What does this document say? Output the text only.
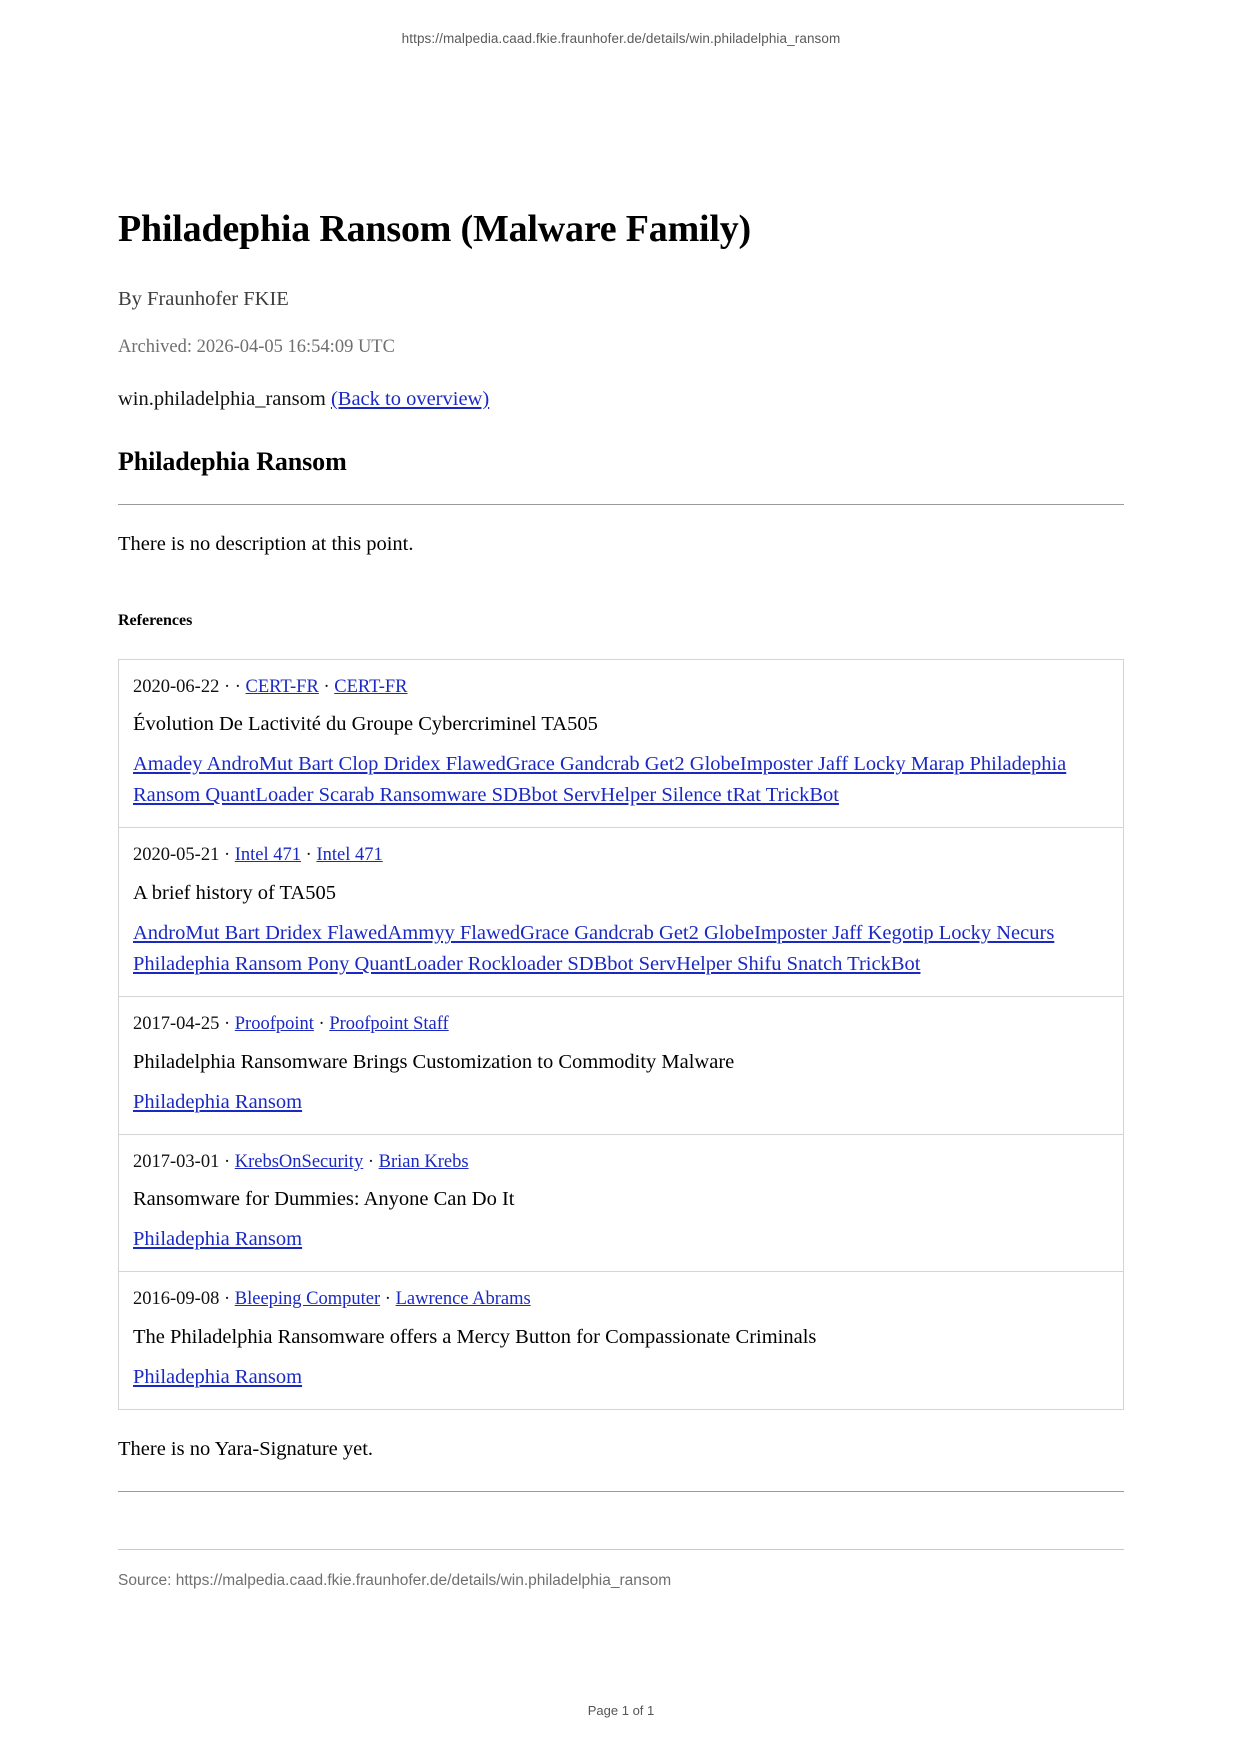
https://malpedia.caad.fkie.fraunhofer.de/details/win.philadelphia_ransom
Philadephia Ransom (Malware Family)
By Fraunhofer FKIE
Archived: 2026-04-05 16:54:09 UTC
win.philadelphia_ransom (Back to overview)
Philadephia Ransom
There is no description at this point.
References
2020-06-22 · · CERT-FR · CERT-FR
Évolution De Lactivité du Groupe Cybercriminel TA505
Amadey AndroMut Bart Clop Dridex FlawedGrace Gandcrab Get2 GlobeImposter Jaff Locky Marap Philadephia Ransom QuantLoader Scarab Ransomware SDBbot ServHelper Silence tRat TrickBot
2020-05-21 · Intel 471 · Intel 471
A brief history of TA505
AndroMut Bart Dridex FlawedAmmyy FlawedGrace Gandcrab Get2 GlobeImposter Jaff Kegotip Locky Necurs Philadephia Ransom Pony QuantLoader Rockloader SDBbot ServHelper Shifu Snatch TrickBot
2017-04-25 · Proofpoint · Proofpoint Staff
Philadelphia Ransomware Brings Customization to Commodity Malware
Philadephia Ransom
2017-03-01 · KrebsOnSecurity · Brian Krebs
Ransomware for Dummies: Anyone Can Do It
Philadephia Ransom
2016-09-08 · Bleeping Computer · Lawrence Abrams
The Philadelphia Ransomware offers a Mercy Button for Compassionate Criminals
Philadephia Ransom
There is no Yara-Signature yet.
Source: https://malpedia.caad.fkie.fraunhofer.de/details/win.philadelphia_ransom
Page 1 of 1
